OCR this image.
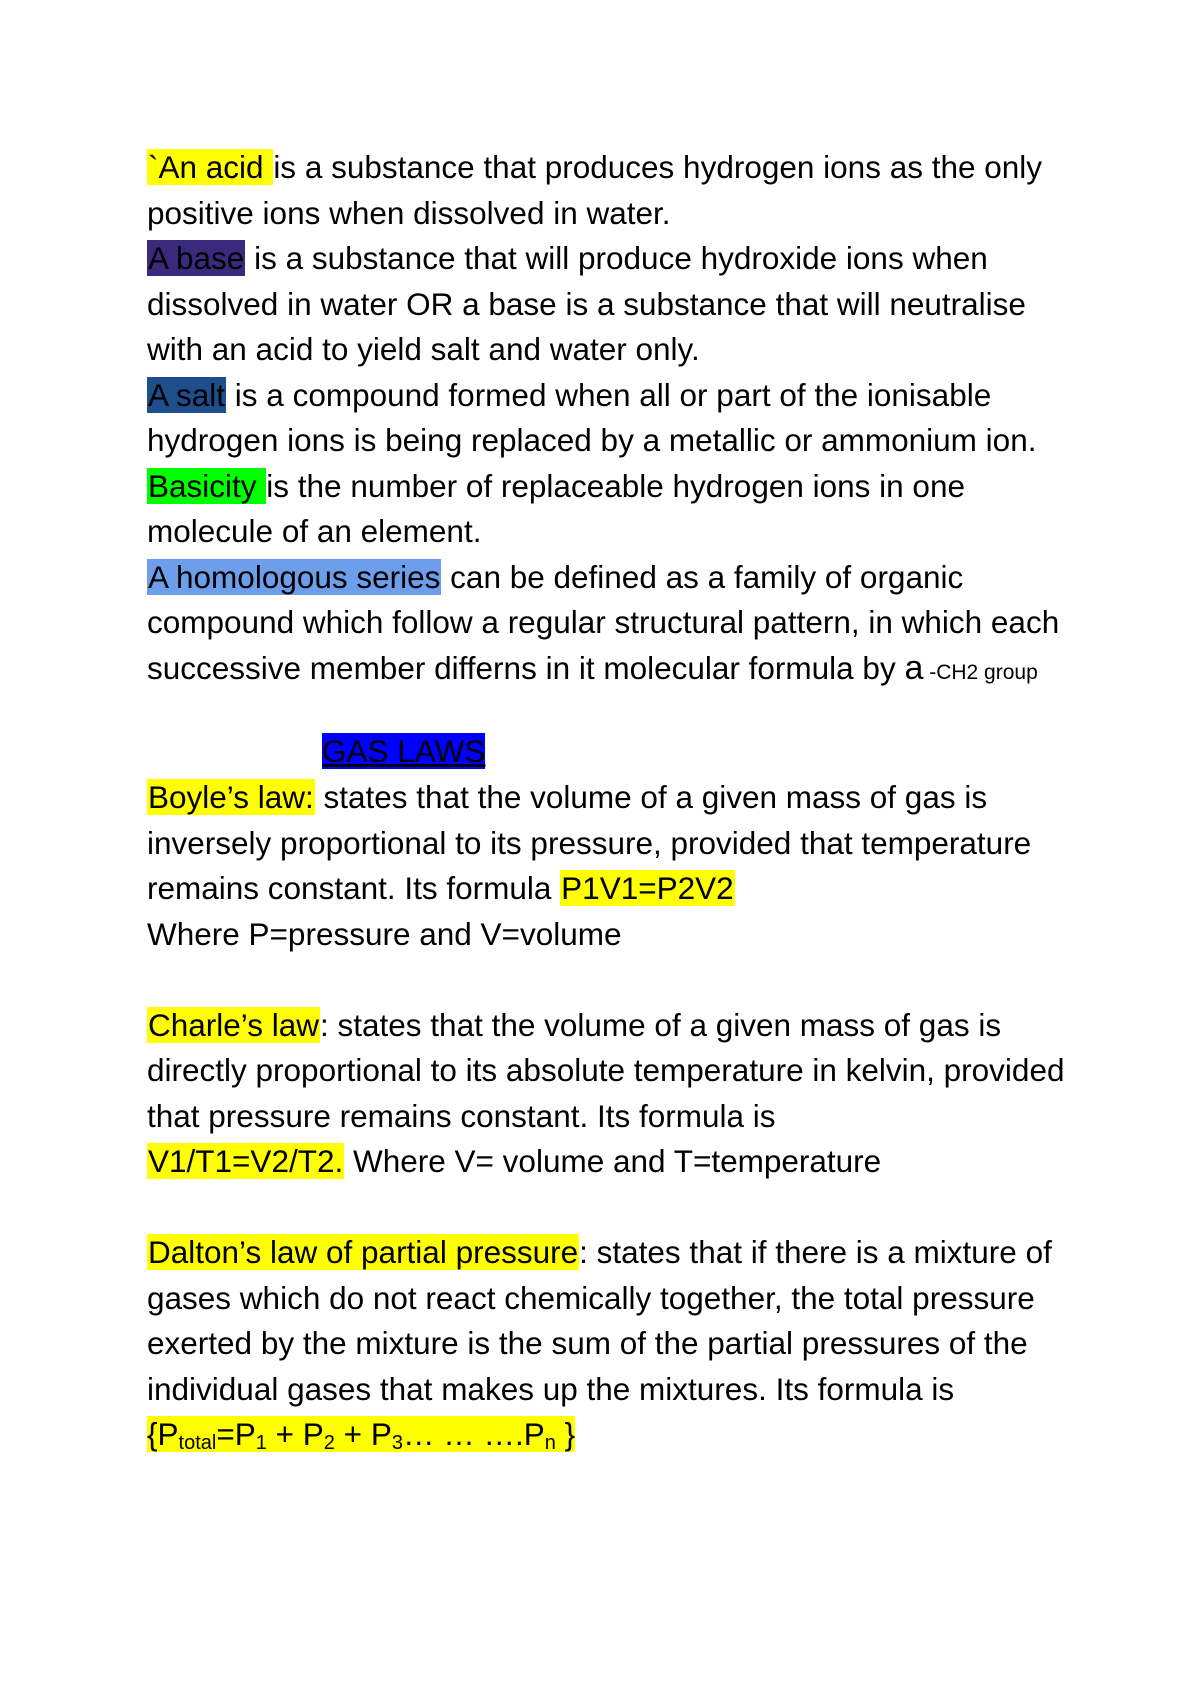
`An acid is a substance that produces hydrogen ions as the only positive ions when dissolved in water.

A base is a substance that will produce hydroxide ions when dissolved in water OR a base is a substance that will neutralise with an acid to yield salt and water only.

A salt is a compound formed when all or part of the ionisable hydrogen ions is being replaced by a metallic or ammonium ion.

Basicity is the number of replaceable hydrogen ions in one molecule of an element.

A homologous series can be defined as a family of organic compound which follow a regular structural pattern, in which each successive member differns in it molecular formula by a -CH2 group

GAS LAWS

Boyle’s law: states that the volume of a given mass of gas is inversely proportional to its pressure, provided that temperature remains constant. Its formula P1V1=P2V2
Where P=pressure and V=volume

Charle’s law: states that the volume of a given mass of gas is directly proportional to its absolute temperature in kelvin, provided that pressure remains constant. Its formula is
V1/T1=V2/T2. Where V= volume and T=temperature

Dalton’s law of partial pressure: states that if there is a mixture of gases which do not react chemically together, the total pressure exerted by the mixture is the sum of the partial pressures of the individual gases that makes up the mixtures. Its formula is {$P_{total}=P_1 + P_2$ + $P_3\dots$ … $\dots.P_n$ }
